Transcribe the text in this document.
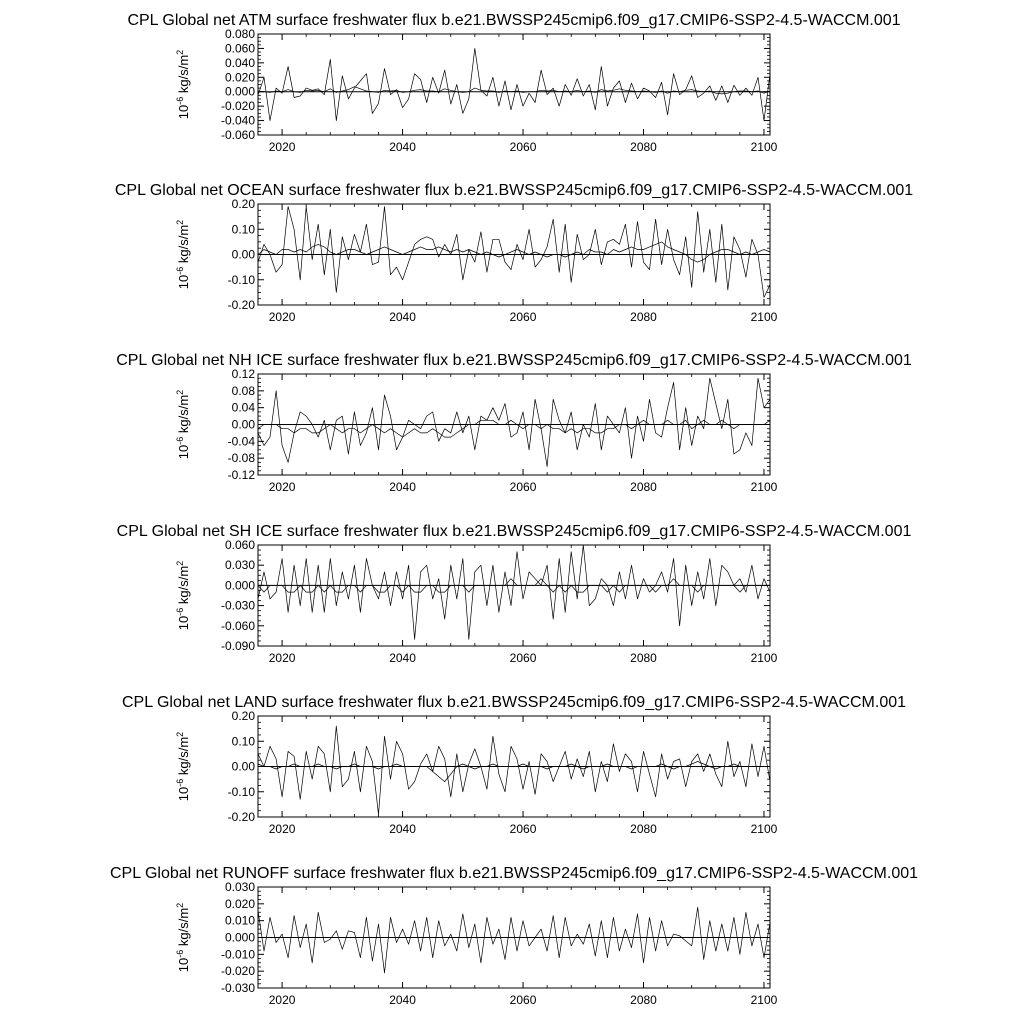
CPL Global net ATM surface freshwater flux b.e21.BWSSP245cmip6.f09_g17.CMIP6-SSP2-4.5-WACCM.001
-0.060
-0.040
-0.020
0.000
0.020
0.040
0.060
0.080
2020	2040	2060	2080	2100
$10^{-6}$ $kg/s/m^2$
CPL Global net OCEAN surface freshwater flux b.e21.BWSSP245cmip6.f09_g17.CMIP6-SSP2-4.5-WACCM.001
-0.20
-0.10
0.00
0.10
0.20
2020	2040	2060	2080	2100
$10^{-6}$ $kg/s/m^2$
CPL Global net NH ICE surface freshwater flux b.e21.BWSSP245cmip6.f09_g17.CMIP6-SSP2-4.5-WACCM.001
-0.12
-0.08
-0.04
0.00
0.04
0.08
0.12
2020	2040	2060	2080	2100
$10^{-6}$ $kg/s/m^2$
CPL Global net SH ICE surface freshwater flux b.e21.BWSSP245cmip6.f09_g17.CMIP6-SSP2-4.5-WACCM.001
-0.090
-0.060
-0.030
0.000
0.030
0.060
2020	2040	2060	2080	2100
$10^{-6}$ $kg/s/m^2$
CPL Global net LAND surface freshwater flux b.e21.BWSSP245cmip6.f09_g17.CMIP6-SSP2-4.5-WACCM.001
-0.20
-0.10
0.00
0.10
0.20
2020	2040	2060	2080	2100
$10^{-6}$ $kg/s/m^2$
CPL Global net RUNOFF surface freshwater flux b.e21.BWSSP245cmip6.f09_g17.CMIP6-SSP2-4.5-WACCM.001
-0.030
-0.020
-0.010
0.000
0.010
0.020
0.030
2020	2040	2060	2080	2100
$10^{-6}$ $kg/s/m^2$
